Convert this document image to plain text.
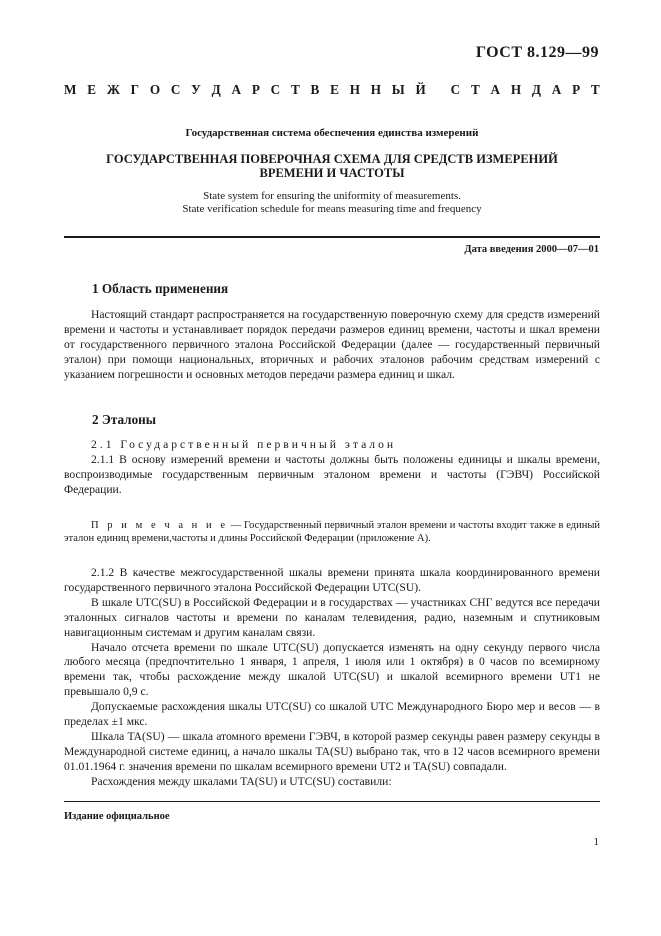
ГОСТ 8.129—99
М Е Ж Г О С У Д А Р С Т В Е Н Н Ы Й
С Т А Н Д А Р Т
Государственная система обеспечения единства измерений
ГОСУДАРСТВЕННАЯ ПОВЕРОЧНАЯ СХЕМА ДЛЯ СРЕДСТВ ИЗМЕРЕНИЙ
ВРЕМЕНИ И ЧАСТОТЫ
State system for ensuring the uniformity of measurements.
State verification schedule for means measuring time and frequency
Дата введения 2000—07—01
1 Область применения

Настоящий стандарт распространяется на государственную поверочную схему для средств измерений времени и частоты и устанавливает порядок передачи размеров единиц времени, частоты и шкал времени от государственного первичного эталона Российской Федерации (далее — государственный первичный эталон) при помощи национальных, вторичных и рабочих эталонов рабочим средствам измерений с указанием погрешности и основных методов передачи размера единиц и шкал.

2 Эталоны

2.1 Государственный первичный эталон

2.1.1 В основу измерений времени и частоты должны быть положены единицы и шкалы времени, воспроизводимые государственным первичным эталоном времени и частоты (ГЭВЧ) Российской Федерации.

П р и м е ч а н и е — Государственный первичный эталон времени и частоты входит также в единый эталон единиц времени,частоты и длины Российской Федерации (приложение А).

2.1.2 В качестве межгосударственной шкалы времени принята шкала координированного времени государственного первичного эталона Российской Федерации UTC(SU).

В шкале UTC(SU) в Российской Федерации и в государствах — участниках СНГ ведутся все передачи эталонных сигналов частоты и времени по каналам телевидения, радио, наземным и спутниковым навигационным системам и другим каналам связи.

Начало отсчета времени по шкале UTC(SU) допускается изменять на одну секунду первого числа любого месяца (предпочтительно 1 января, 1 апреля, 1 июля или 1 октября) в 0 часов по всемирному времени так, чтобы расхождение между шкалой UTC(SU) и шкалой всемирного времени UT1 не превышало 0,9 с.

Допускаемые расхождения шкалы UTC(SU) со шкалой UTC Международного Бюро мер и весов — в пределах ±1 мкс.

Шкала TA(SU) — шкала атомного времени ГЭВЧ, в которой размер секунды равен размеру секунды в Международной системе единиц, а начало шкалы TA(SU) выбрано так, что в 12 часов всемирного времени 01.01.1964 г. значения времени по шкалам всемирного времени UT2 и TA(SU) совпадали.

Расхождения между шкалами TA(SU) и UTC(SU) составили:

Издание официальное
1
